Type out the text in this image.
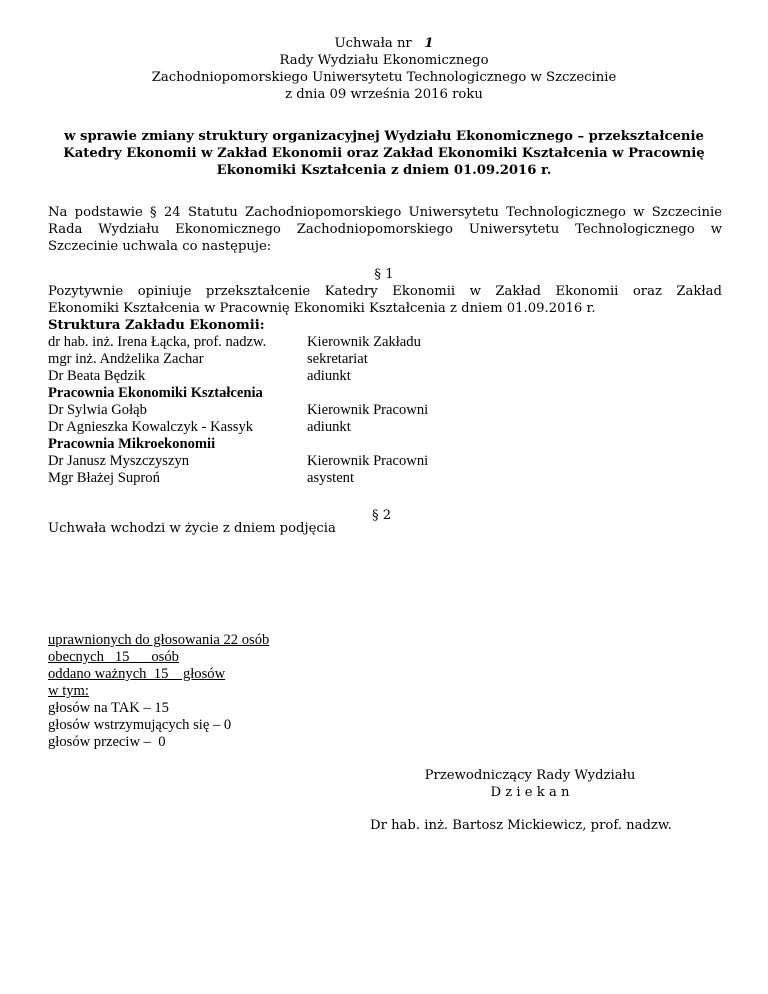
Uchwała nr 1
Rady Wydziału Ekonomicznego
Zachodniopomorskiego Uniwersytetu Technologicznego w Szczecinie
z dnia 09 września 2016 roku
w sprawie zmiany struktury organizacyjnej Wydziału Ekonomicznego – przekształcenie
Katedry Ekonomii w Zakład Ekonomii oraz Zakład Ekonomiki Kształcenia w Pracownię
Ekonomiki Kształcenia z dniem 01.09.2016 r.
Na podstawie § 24 Statutu Zachodniopomorskiego Uniwersytetu Technologicznego w Szczecinie
Rada Wydziału Ekonomicznego Zachodniopomorskiego Uniwersytetu Technologicznego w
Szczecinie uchwala co następuje:
§ 1
Pozytywnie opiniuje przekształcenie Katedry Ekonomii w Zakład Ekonomii oraz Zakład
Ekonomiki Kształcenia w Pracownię Ekonomiki Kształcenia z dniem 01.09.2016 r.
Struktura Zakładu Ekonomii:
dr hab. inż. Irena Łącka, prof. nadzw.	Kierownik Zakładu
mgr inż. Andżelika Zachar	sekretariat
Dr Beata Będzik	adiunkt
Pracownia Ekonomiki Kształcenia
Dr Sylwia Gołąb	Kierownik Pracowni
Dr Agnieszka Kowalczyk - Kassyk	adiunkt
Pracownia Mikroekonomii
Dr Janusz Myszczyszyn	Kierownik Pracowni
Mgr Błażej Suproń	asystent
§ 2
Uchwała wchodzi w życie z dniem podjęcia
uprawnionych do głosowania 22 osób
obecnych   15      osób
oddano ważnych  15    głosów
w tym:
głosów na TAK – 15
głosów wstrzymujących się – 0
głosów przeciw –  0
Przewodniczący Rady Wydziału
D z i e k a n
Dr hab. inż. Bartosz Mickiewicz, prof. nadzw.
